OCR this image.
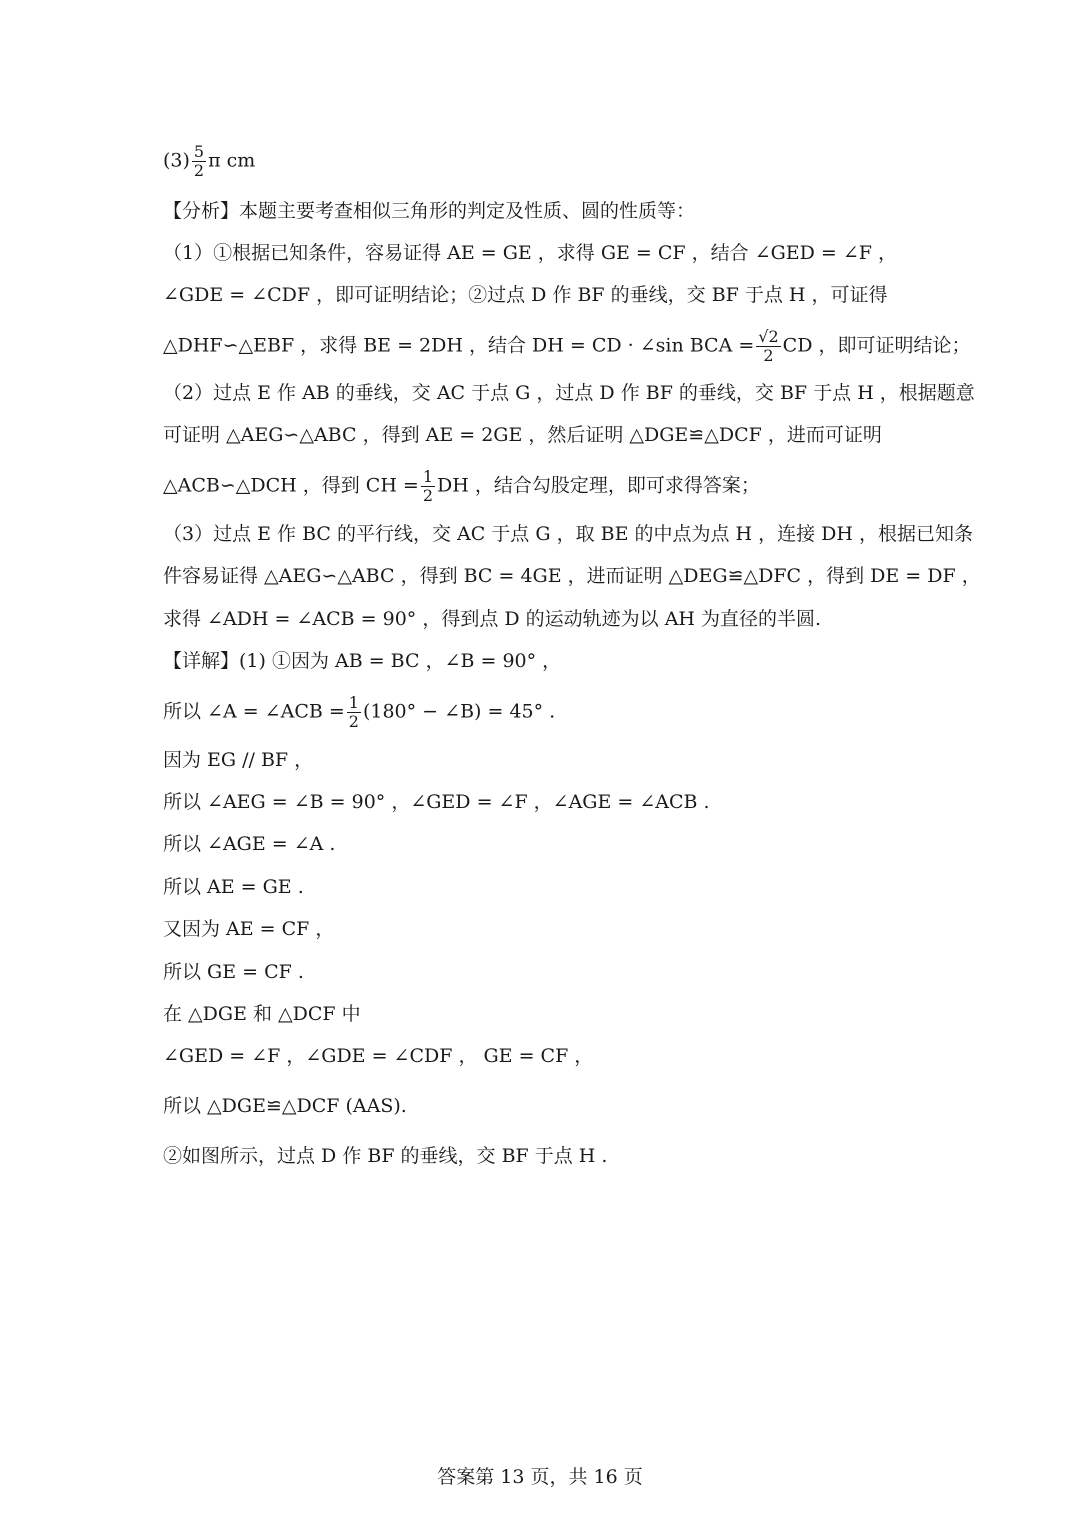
$(3) \frac{5}{2}$ π cm
【分析】本题主要考查相似三角形的判定及性质、圆的性质等：
（1）①根据已知条件，容易证得 AE = GE ，求得 GE = CF ，结合 ∠GED = ∠F ，
∠GDE = ∠CDF ，即可证明结论；②过点 D 作 BF 的垂线，交 BF 于点 H ，可证得
△DHF∽△EBF ，求得 BE = 2DH ，结合 DH = CD · ∠sin BCA = $\frac{√2}{2}$ CD ，即可证明结论；
（2）过点 E 作 AB 的垂线，交 AC 于点 G ，过点 D 作 BF 的垂线，交 BF 于点 H ，根据题意
可证明 △AEG∽△ABC ，得到 AE = 2GE ，然后证明 △DGE≌△DCF ，进而可证明
△ACB∽△DCH ，得到 CH = $\frac{1}{2}$ DH ，结合勾股定理，即可求得答案；
（3）过点 E 作 BC 的平行线，交 AC 于点 G ，取 BE 的中点为点 H ，连接 DH ，根据已知条
件容易证得 △AEG∽△ABC ，得到 BC = 4GE ，进而证明 △DEG≌△DFC ，得到 DE = DF ，
求得 ∠ADH = ∠ACB = 90° ，得到点 D 的运动轨迹为以 AH 为直径的半圆.
【详解】(1) ①因为 AB = BC ，∠B = 90° ，
所以 ∠A = ∠ACB = $\frac{1}{2} (180^\circ$ − ∠B) = 45° .
因为 EG // BF ，
所以 ∠AEG = ∠B = 90° ，∠GED = ∠F ，∠AGE = ∠ACB .
所以 ∠AGE = ∠A .
所以 AE = GE .
又因为 AE = CF ，
所以 GE = CF .
在 △DGE 和 △DCF 中
∠GED = ∠F ，∠GDE = ∠CDF ， GE = CF ，
所以 △DGE≌△DCF (AAS).
②如图所示，过点 D 作 BF 的垂线，交 BF 于点 H .
答案第 13 页，共 16 页
